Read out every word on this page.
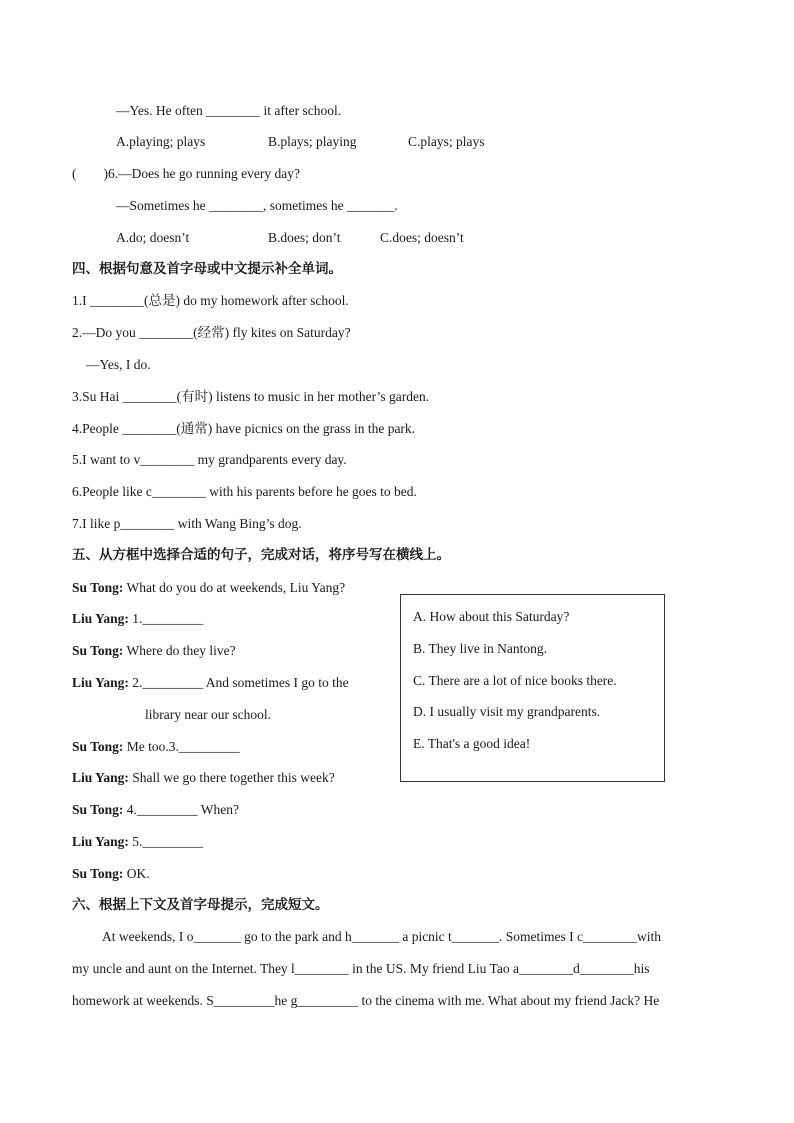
—Yes. He often ________ it after school.
A.playing; plays	B.plays; playing	C.plays; plays
(　　)6.—Does he go running every day?
—Sometimes he ________, sometimes he _______.
A.do; doesn’t	B.does; don’t	C.does; doesn’t
四、根据句意及首字母或中文提示补全单词。
1.I ________(总是) do my homework after school.
2.—Do you ________(经常) fly kites on Saturday?
—Yes, I do.
3.Su Hai ________(有时) listens to music in her mother’s garden.
4.People ________(通常) have picnics on the grass in the park.
5.I want to v________ my grandparents every day.
6.People like c________ with his parents before he goes to bed.
7.I like p________ with Wang Bing’s dog.
五、从方框中选择合适的句子，完成对话，将序号写在横线上。
Su Tong: What do you do at weekends, Liu Yang?
Liu Yang: 1._________
Su Tong: Where do they live?
Liu Yang: 2._________ And sometimes I go to the
library near our school.
Su Tong: Me too.3._________
Liu Yang: Shall we go there together this week?
Su Tong: 4._________ When?
Liu Yang: 5._________
Su Tong: OK.
A. How about this Saturday?
B. They live in Nantong.
C. There are a lot of nice books there.
D. I usually visit my grandparents.
E. That's a good idea!
六、根据上下文及首字母提示，完成短文。
At weekends, I o_______ go to the park and h_______ a picnic t_______. Sometimes I c________with
my uncle and aunt on the Internet. They l________ in the US. My friend Liu Tao a________d________his
homework at weekends. S_________he g_________ to the cinema with me. What about my friend Jack? He
